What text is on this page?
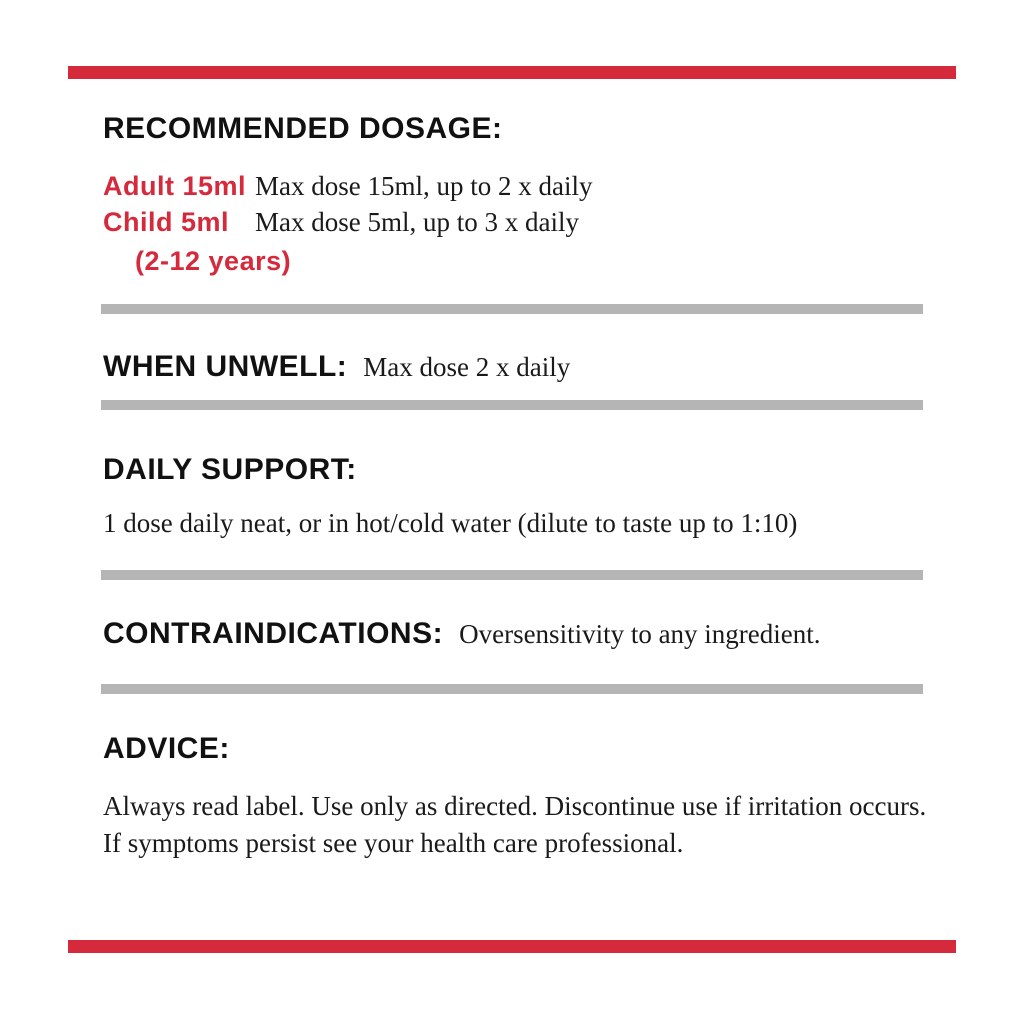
RECOMMENDED DOSAGE:
Adult 15ml Max dose 15ml, up to 2 x daily
Child 5ml Max dose 5ml, up to 3 x daily
(2-12 years)
WHEN UNWELL: Max dose 2 x daily
DAILY SUPPORT:
1 dose daily neat, or in hot/cold water (dilute to taste up to 1:10)
CONTRAINDICATIONS: Oversensitivity to any ingredient.
ADVICE:
Always read label. Use only as directed. Discontinue use if irritation occurs. If symptoms persist see your health care professional.
